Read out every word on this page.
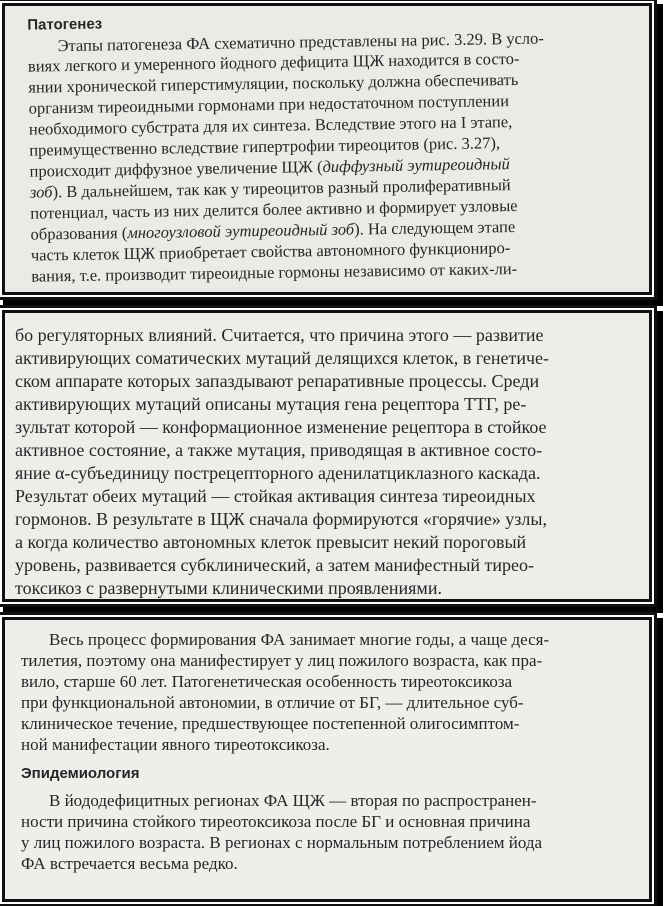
Патогенез
Этапы патогенеза ФА схематично представлены на рис. 3.29. В усло-
виях легкого и умеренного йодного дефицита ЩЖ находится в состо-
янии хронической гиперстимуляции, поскольку должна обеспечивать
организм тиреоидными гормонами при недостаточном поступлении
необходимого субстрата для их синтеза. Вследствие этого на I этапе,
преимущественно вследствие гипертрофии тиреоцитов (рис. 3.27),
происходит диффузное увеличение ЩЖ (диффузный эутиреоидный
зоб). В дальнейшем, так как у тиреоцитов разный пролиферативный
потенциал, часть из них делится более активно и формирует узловые
образования (многоузловой эутиреоидный зоб). На следующем этапе
часть клеток ЩЖ приобретает свойства автономного функциониро-
вания, т.е. производит тиреоидные гормоны независимо от каких-ли-
бо регуляторных влияний. Считается, что причина этого — развитие
активирующих соматических мутаций делящихся клеток, в генетиче-
ском аппарате которых запаздывают репаративные процессы. Среди
активирующих мутаций описаны мутация гена рецептора ТТГ, ре-
зультат которой — конформационное изменение рецептора в стойкое
активное состояние, а также мутация, приводящая в активное состо-
яние α-субъединицу пострецепторного аденилатциклазного каскада.
Результат обеих мутаций — стойкая активация синтеза тиреоидных
гормонов. В результате в ЩЖ сначала формируются «горячие» узлы,
а когда количество автономных клеток превысит некий пороговый
уровень, развивается субклинический, а затем манифестный тирео-
токсикоз с развернутыми клиническими проявлениями.
Весь процесс формирования ФА занимает многие годы, а чаще деся-
тилетия, поэтому она манифестирует у лиц пожилого возраста, как пра-
вило, старше 60 лет. Патогенетическая особенность тиреотоксикоза
при функциональной автономии, в отличие от БГ, — длительное суб-
клиническое течение, предшествующее постепенной олигосимптом-
ной манифестации явного тиреотоксикоза.
Эпидемиология
В йододефицитных регионах ФА ЩЖ — вторая по распространен-
ности причина стойкого тиреотоксикоза после БГ и основная причина
у лиц пожилого возраста. В регионах с нормальным потреблением йода
ФА встречается весьма редко.
